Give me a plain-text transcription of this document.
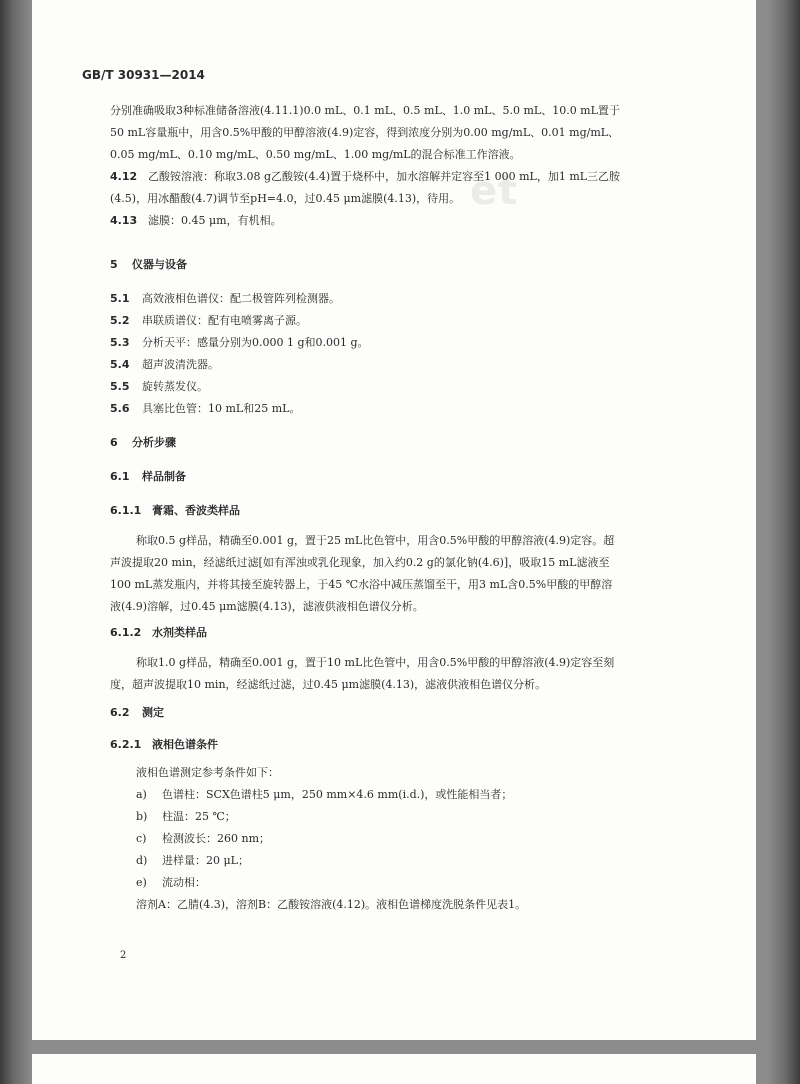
et
GB/T 30931—2014
分别准确吸取3种标准储备溶液(4.11.1)0.0 mL、0.1 mL、0.5 mL、1.0 mL、5.0 mL、10.0 mL置于
50 mL容量瓶中，用含0.5%甲酸的甲醇溶液(4.9)定容，得到浓度分别为0.00 mg/mL、0.01 mg/mL、
0.05 mg/mL、0.10 mg/mL、0.50 mg/mL、1.00 mg/mL的混合标准工作溶液。
4.12 乙酸铵溶液：称取3.08 g乙酸铵(4.4)置于烧杯中，加水溶解并定容至1 000 mL，加1 mL三乙胺
(4.5)，用冰醋酸(4.7)调节至pH=4.0，过0.45 μm滤膜(4.13)，待用。
4.13 滤膜：0.45 μm，有机相。
5 仪器与设备
5.1 高效液相色谱仪：配二极管阵列检测器。
5.2 串联质谱仪：配有电喷雾离子源。
5.3 分析天平：感量分别为0.000 1 g和0.001 g。
5.4 超声波清洗器。
5.5 旋转蒸发仪。
5.6 具塞比色管：10 mL和25 mL。
6 分析步骤
6.1 样品制备
6.1.1 膏霜、香波类样品
称取0.5 g样品，精确至0.001 g，置于25 mL比色管中，用含0.5%甲酸的甲醇溶液(4.9)定容。超
声波提取20 min，经滤纸过滤[如有浑浊或乳化现象，加入约0.2 g的氯化钠(4.6)]，吸取15 mL滤液至
100 mL蒸发瓶内，并将其接至旋转器上，于45 ℃水浴中减压蒸馏至干，用3 mL含0.5%甲酸的甲醇溶
液(4.9)溶解，过0.45 μm滤膜(4.13)，滤液供液相色谱仪分析。
6.1.2 水剂类样品
称取1.0 g样品，精确至0.001 g，置于10 mL比色管中，用含0.5%甲酸的甲醇溶液(4.9)定容至刻
度，超声波提取10 min，经滤纸过滤，过0.45 μm滤膜(4.13)，滤液供液相色谱仪分析。
6.2 测定
6.2.1 液相色谱条件
液相色谱测定参考条件如下：
a) 色谱柱：SCX色谱柱5 μm，250 mm×4.6 mm(i.d.)，或性能相当者；
b) 柱温：25 ℃；
c) 检测波长：260 nm；
d) 进样量：20 μL；
e) 流动相：
溶剂A：乙腈(4.3)，溶剂B：乙酸铵溶液(4.12)。液相色谱梯度洗脱条件见表1。
2
